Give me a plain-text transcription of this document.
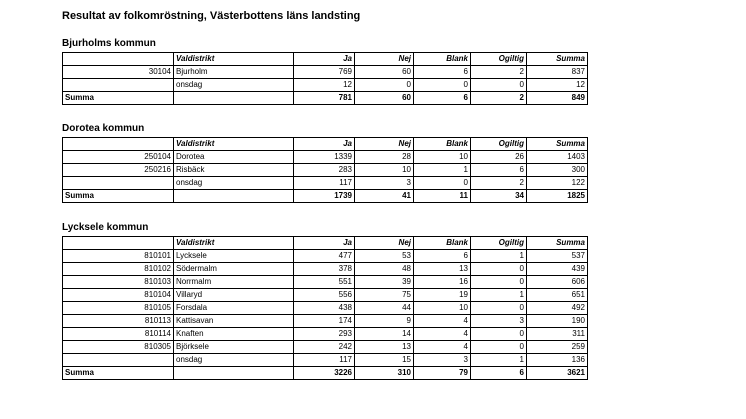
Resultat av folkomröstning, Västerbottens läns landsting
Bjurholms kommun
	Valdistrikt	Ja	Nej	Blank	Ogiltig	Summa
30104	Bjurholm	769	60	6	2	837
	onsdag	12	0	0	0	12
Summa		781	60	6	2	849
Dorotea kommun
	Valdistrikt	Ja	Nej	Blank	Ogiltig	Summa
250104	Dorotea	1339	28	10	26	1403
250216	Risbäck	283	10	1	6	300
	onsdag	117	3	0	2	122
Summa		1739	41	11	34	1825
Lycksele kommun
	Valdistrikt	Ja	Nej	Blank	Ogiltig	Summa
810101	Lycksele	477	53	6	1	537
810102	Södermalm	378	48	13	0	439
810103	Norrmalm	551	39	16	0	606
810104	Villaryd	556	75	19	1	651
810105	Forsdala	438	44	10	0	492
810113	Kattisavan	174	9	4	3	190
810114	Knaften	293	14	4	0	311
810305	Björksele	242	13	4	0	259
	onsdag	117	15	3	1	136
Summa		3226	310	79	6	3621
